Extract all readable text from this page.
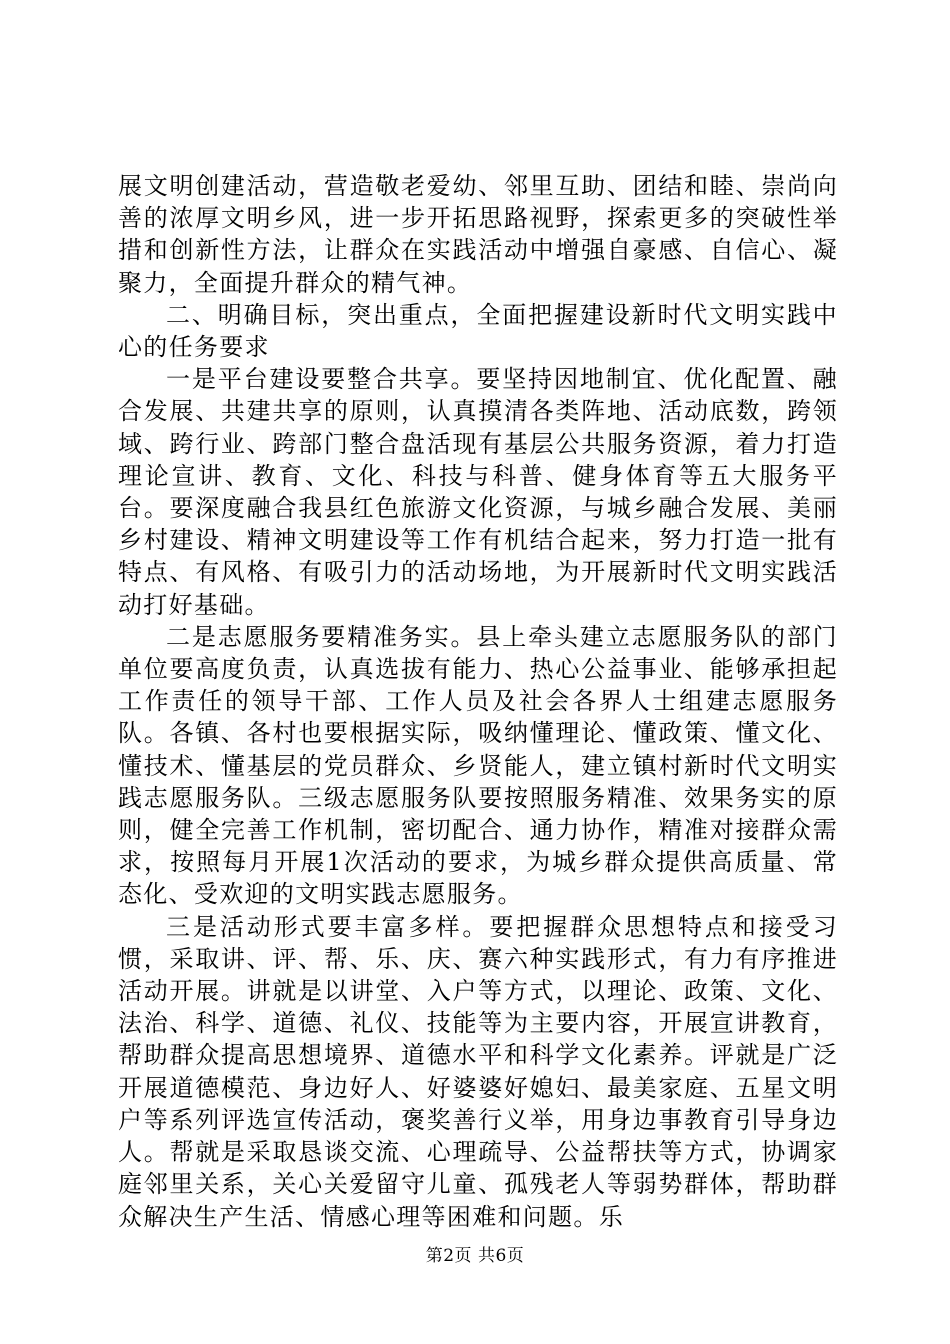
展文明创建活动，营造敬老爱幼、邻里互助、团结和睦、崇尚向善的浓厚文明乡风，进一步开拓思路视野，探索更多的突破性举措和创新性方法，让群众在实践活动中增强自豪感、自信心、凝聚力，全面提升群众的精气神。

二、明确目标，突出重点，全面把握建设新时代文明实践中心的任务要求

一是平台建设要整合共享。要坚持因地制宜、优化配置、融合发展、共建共享的原则，认真摸清各类阵地、活动底数，跨领域、跨行业、跨部门整合盘活现有基层公共服务资源，着力打造理论宣讲、教育、文化、科技与科普、健身体育等五大服务平台。要深度融合我县红色旅游文化资源，与城乡融合发展、美丽乡村建设、精神文明建设等工作有机结合起来，努力打造一批有特点、有风格、有吸引力的活动场地，为开展新时代文明实践活动打好基础。

二是志愿服务要精准务实。县上牵头建立志愿服务队的部门单位要高度负责，认真选拔有能力、热心公益事业、能够承担起工作责任的领导干部、工作人员及社会各界人士组建志愿服务队。各镇、各村也要根据实际，吸纳懂理论、懂政策、懂文化、懂技术、懂基层的党员群众、乡贤能人，建立镇村新时代文明实践志愿服务队。三级志愿服务队要按照服务精准、效果务实的原则，健全完善工作机制，密切配合、通力协作，精准对接群众需求，按照每月开展1次活动的要求，为城乡群众提供高质量、常态化、受欢迎的文明实践志愿服务。

三是活动形式要丰富多样。要把握群众思想特点和接受习惯，采取讲、评、帮、乐、庆、赛六种实践形式，有力有序推进活动开展。讲就是以讲堂、入户等方式，以理论、政策、文化、法治、科学、道德、礼仪、技能等为主要内容，开展宣讲教育，帮助群众提高思想境界、道德水平和科学文化素养。评就是广泛开展道德模范、身边好人、好婆婆好媳妇、最美家庭、五星文明户等系列评选宣传活动，褒奖善行义举，用身边事教育引导身边人。帮就是采取恳谈交流、心理疏导、公益帮扶等方式，协调家庭邻里关系，关心关爱留守儿童、孤残老人等弱势群体，帮助群众解决生产生活、情感心理等困难和问题。乐

第2页 共6页
